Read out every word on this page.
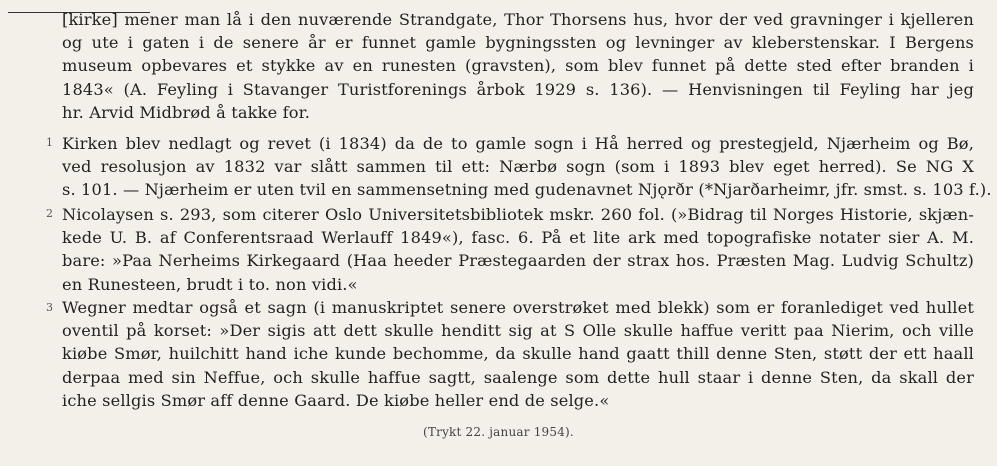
[kirke] mener man lå i den nuværende Strandgate, Thor Thorsens hus, hvor der ved gravninger i kjelleren
og ute i gaten i de senere år er funnet gamle bygningssten og levninger av kleberstenskar. I Bergens
museum opbevares et stykke av en runesten (gravsten), som blev funnet på dette sted efter branden i
1843« (A. Feyling i Stavanger Turistforenings årbok 1929 s. 136). — Henvisningen til Feyling har jeg
hr. Arvid Midbrød å takke for.
1 Kirken blev nedlagt og revet (i 1834) da de to gamle sogn i Hå herred og prestegjeld, Njærheim og Bø,
ved resolusjon av 1832 var slått sammen til ett: Nærbø sogn (som i 1893 blev eget herred). Se NG X
s. 101. — Njærheim er uten tvil en sammensetning med gudenavnet Njǫrðr (*Njarðarheimr, jfr. smst. s. 103 f.).
2 Nicolaysen s. 293, som citerer Oslo Universitetsbibliotek mskr. 260 fol. (»Bidrag til Norges Historie, skjæn-
kede U. B. af Conferentsraad Werlauff 1849«), fasc. 6. På et lite ark med topografiske notater sier A. M.
bare: »Paa Nerheims Kirkegaard (Haa heeder Præstegaarden der strax hos. Præsten Mag. Ludvig Schultz)
en Runesteen, brudt i to. non vidi.«
3 Wegner medtar også et sagn (i manuskriptet senere overstrøket med blekk) som er foranlediget ved hullet
oventil på korset: »Der sigis att dett skulle henditt sig at S Olle skulle haffue veritt paa Nierim, och ville
kiøbe Smør, huilchitt hand iche kunde bechomme, da skulle hand gaatt thill denne Sten, støtt der ett haall
derpaa med sin Neffue, och skulle haffue sagtt, saalenge som dette hull staar i denne Sten, da skall der
iche sellgis Smør aff denne Gaard. De kiøbe heller end de selge.«
(Trykt 22. januar 1954).
